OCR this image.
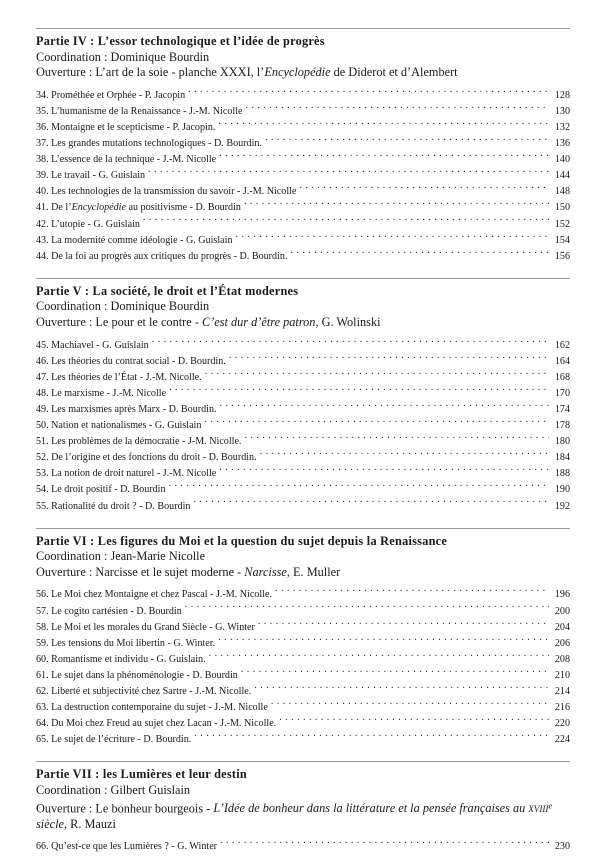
Partie IV : L’essor technologique et l’idée de progrès
Coordination : Dominique Bourdin
Ouverture : L’art de la soie - planche XXXI, l’Encyclopédie de Diderot et d’Alembert
34. Prométhée et Orphée - P. Jacopin . . .	128
35. L’humanisme de la Renaissance - J.-M. Nicolle . . .	130
36. Montaigne et le scepticisme - P. Jacopin. . . .	132
37. Les grandes mutations technologiques - D. Bourdin. . . .	136
38. L’essence de la technique - J.-M. Nicolle . . .	140
39. Le travail - G. Guislain . . .	144
40. Les technologies de la transmission du savoir - J.-M. Nicolle . . .	148
41. De l’Encyclopédie au positivisme - D. Bourdin . . .	150
42. L’utopie - G. Guislain . . .	152
43. La modernité comme idéologie - G. Guislain . . .	154
44. De la foi au progrès aux critiques du progrès - D. Bourdin. . . .	156
Partie V : La société, le droit et l’État modernes
Coordination : Dominique Bourdin
Ouverture : Le pour et le contre - C’est dur d’être patron, G. Wolinski
45. Machiavel - G. Guislain . . .	162
46. Les théories du contrat social - D. Bourdin. . . .	164
47. Les théories de l’État - J.-M. Nicolle. . . .	168
48. Le marxisme - J.-M. Nicolle . . .	170
49. Les marxismes après Marx - D. Bourdin. . . .	174
50. Nation et nationalismes - G. Guislain . . .	178
51. Les problèmes de la démocratie - J-M. Nicolle. . . .	180
52. De l’origine et des fonctions du droit - D. Bourdin. . . .	184
53. La notion de droit naturel - J.-M. Nicolle . . .	188
54. Le droit positif - D. Bourdin . . .	190
55. Rationalité du droit ? - D. Bourdin . . .	192
Partie VI : Les figures du Moi et la question du sujet depuis la Renaissance
Coordination : Jean-Marie Nicolle
Ouverture : Narcisse et le sujet moderne - Narcisse, E. Muller
56. Le Moi chez Montaigne et chez Pascal - J.-M. Nicolle. . . .	196
57. Le cogito cartésien - D. Bourdin . . .	200
58. Le Moi et les morales du Grand Siècle - G. Winter . . .	204
59. Les tensions du Moi libertin - G. Winter. . . .	206
60. Romantisme et individu - G. Guislain. . . .	208
61. Le sujet dans la phénoménologie - D. Bourdin . . .	210
62. Liberté et subjectivité chez Sartre - J.-M. Nicolle. . . .	214
63. La destruction contemporaine du sujet - J.-M. Nicolle . . .	216
64. Du Moi chez Freud au sujet chez Lacan - J.-M. Nicolle. . . .	220
65. Le sujet de l’écriture - D. Bourdin. . . .	224
Partie VII : les Lumières et leur destin
Coordination : Gilbert Guislain
Ouverture : Le bonheur bourgeois - L’Idée de bonheur dans la littérature et la pensée françaises au xviii$^e$ siècle, R. Mauzi
66. Qu’est-ce que les Lumières ? - G. Winter . . .	230
